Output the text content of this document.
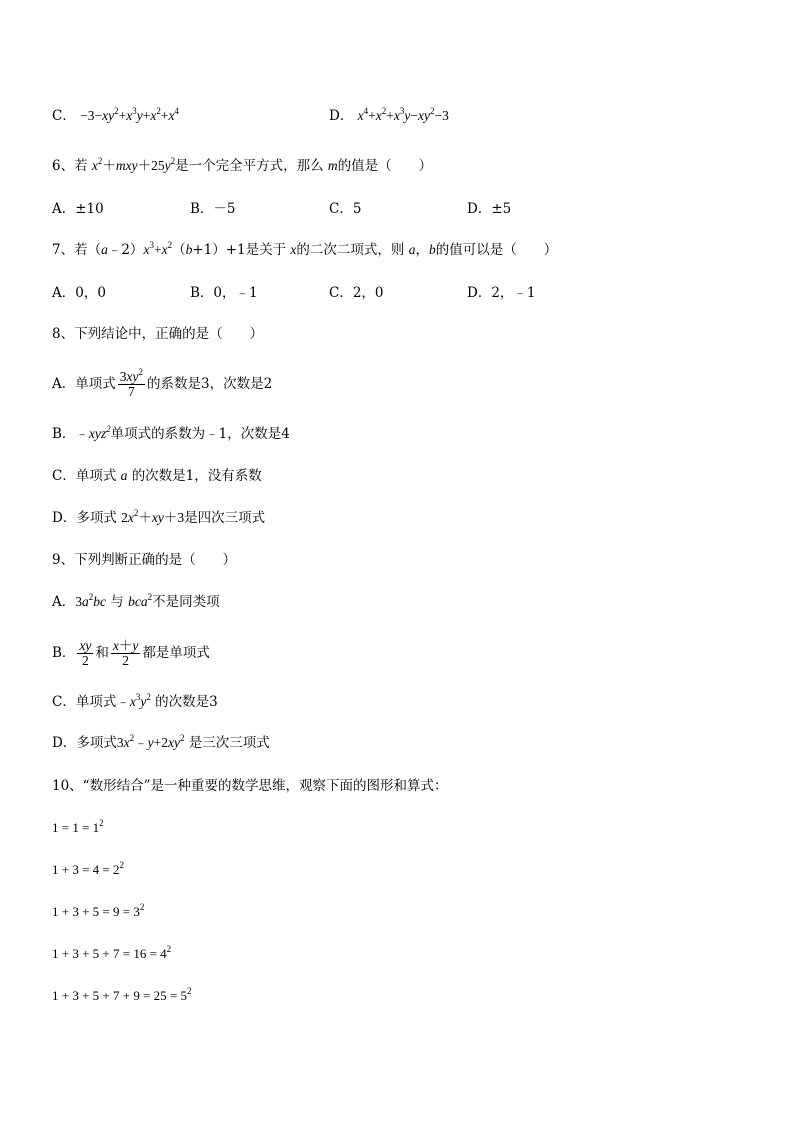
C． $-3-xy^2+x^3y+x^2+x^4$	D． $x^4+x^2+x^3y-xy^2-3$
6、若 $x^2+mxy+25y^2$是一个完全平方式，那么 m的值是（　　）
A．±10	B．－5	C．5	D．±5
7、若$(a﹣2)x^3+x^2(b+1)+1$是关于 x的二次二项式，则 a，b的值可以是（　　）
A．0，0	B．0，﹣1	C．2，0	D．2，﹣1
8、下列结论中，正确的是（　　）
A．单项式 $\frac{3xy^2}{7}$ 的系数是3，次数是2
B．﹣xyz$^2$单项式的系数为﹣1，次数是4
C．单项式 a 的次数是1，没有系数
D．多项式 $2x^2+xy+3$是四次三项式
9、下列判断正确的是（　　）
A．$3a^2bc$ 与 bca$^2$不是同类项
B． $\frac{xy}{2}$ 和 $\frac{x+y}{2}$ 都是单项式
C．单项式$﹣x^3y^2$ 的次数是3
D．多项式$3x^2﹣y+2xy^2$ 是三次三项式
10、“数形结合”是一种重要的数学思维，观察下面的图形和算式：
$1 = 1 = 1^2$
$1 + 3 = 4 = 2^2$
$1 + 3 + 5 = 9 = 3^2$
$1 + 3 + 5 + 7 = 16 = 4^2$
$1 + 3 + 5 + 7 + 9 = 25 = 5^2$
